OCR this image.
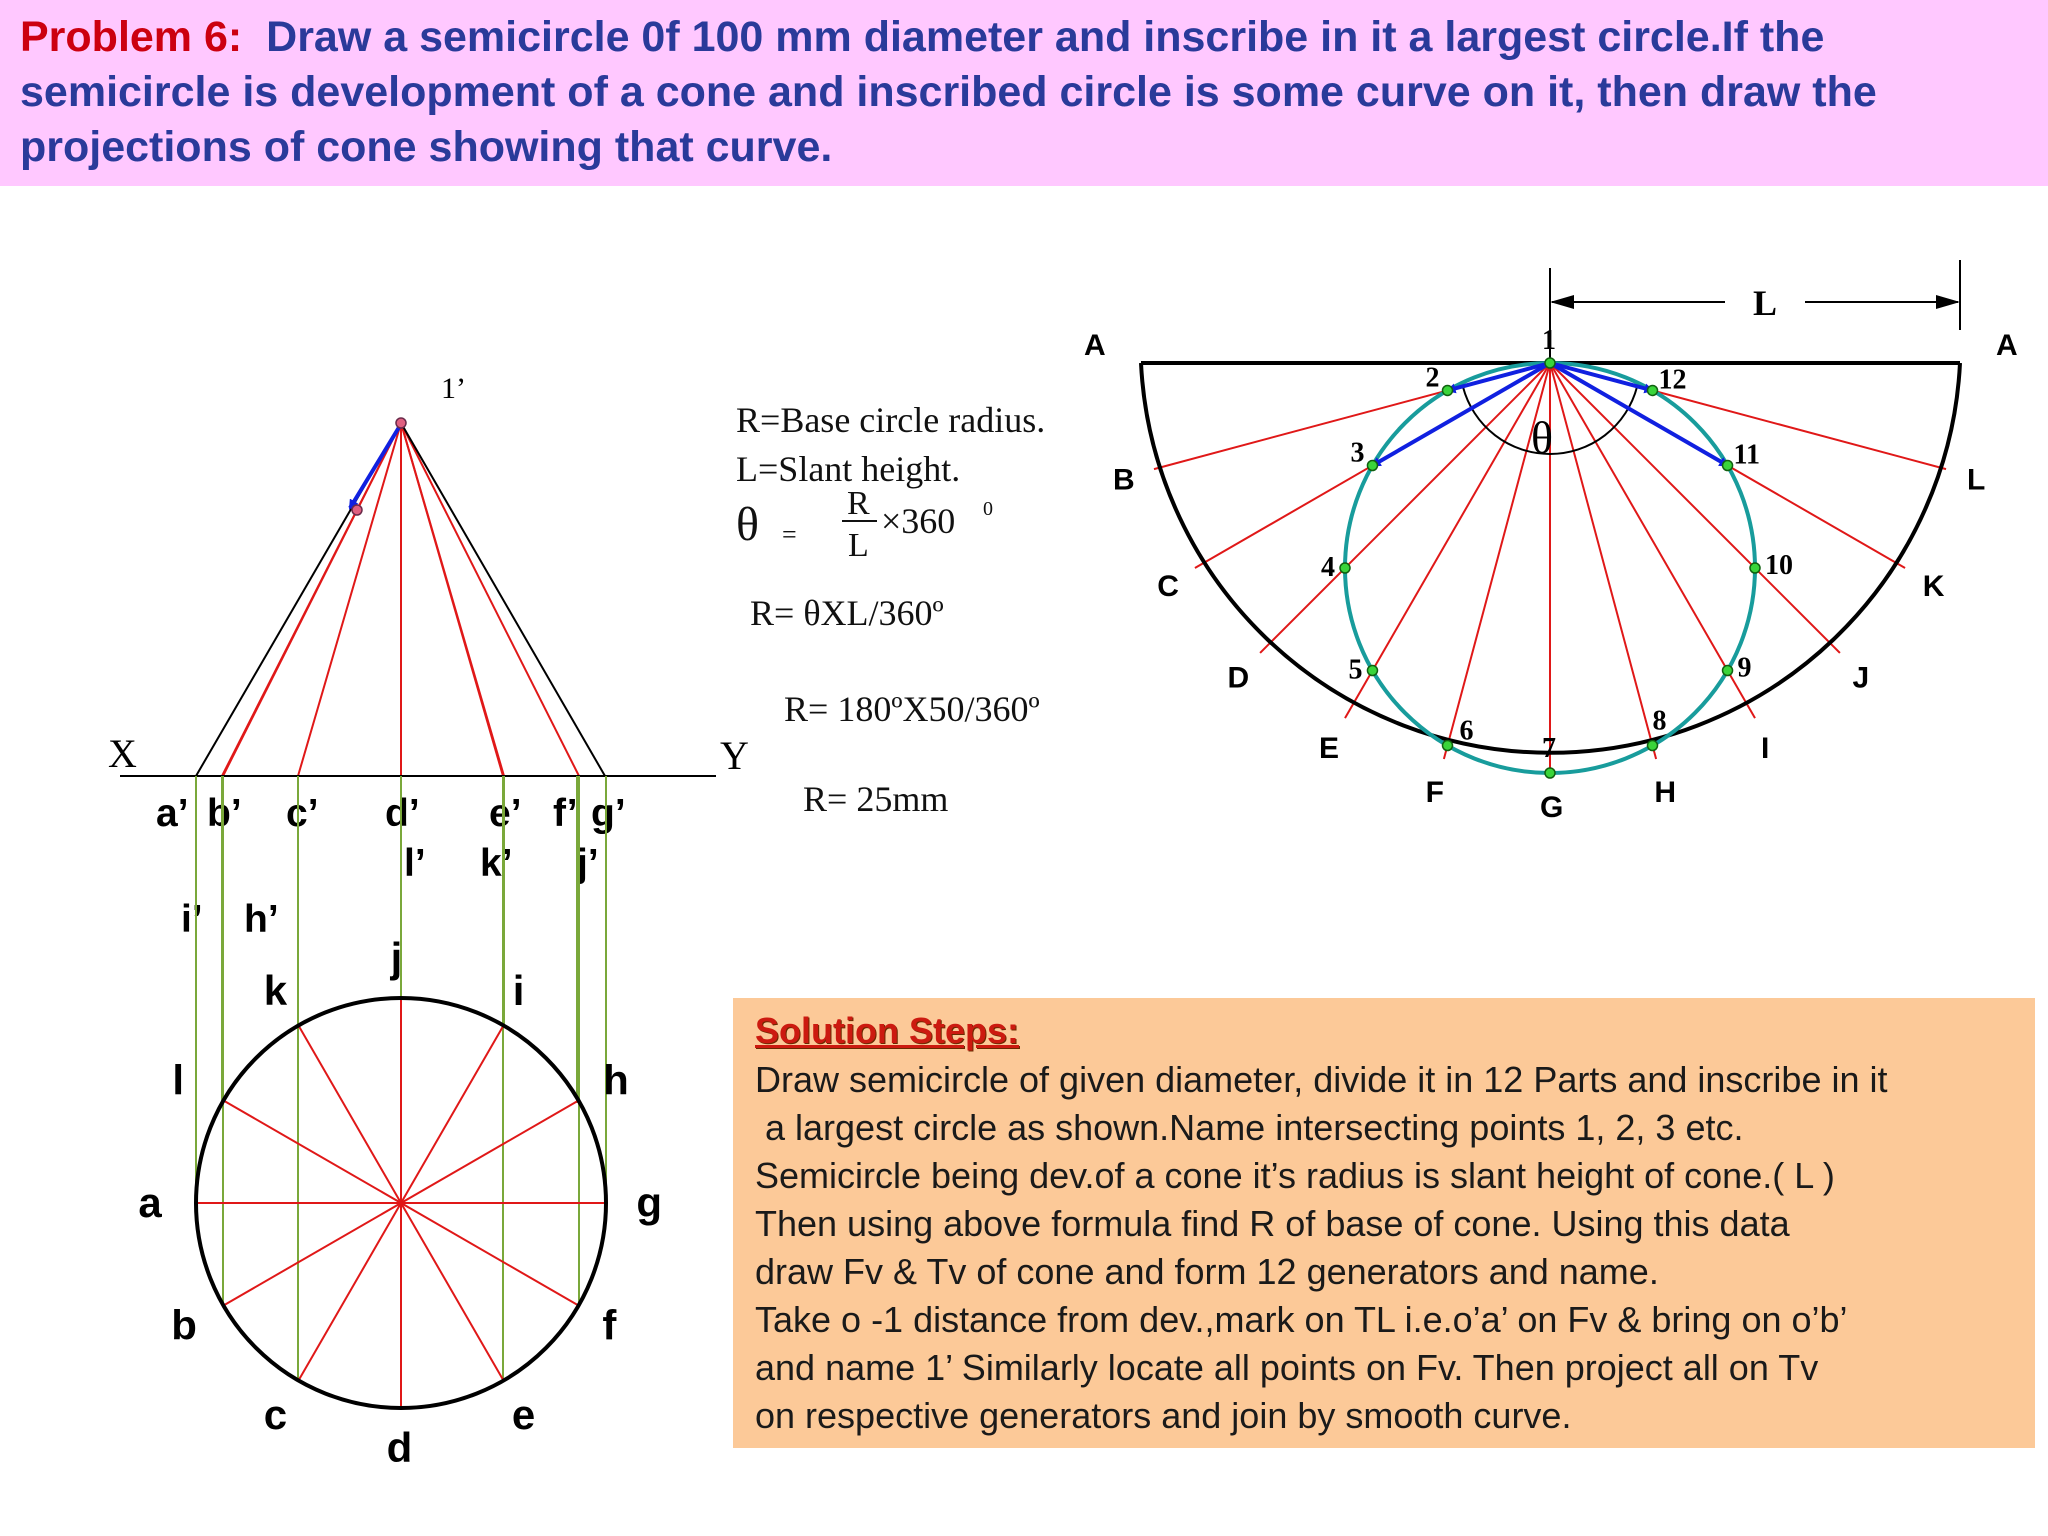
Problem 6: Draw a semicircle 0f 100 mm diameter and inscribe in it a largest circle.If the

semicircle is development of a cone and inscribed circle is some curve on it, then draw the

projections of cone showing that curve.

1’
X	Y
a’ b’ c’ d’ e’ f’ g’
l’ k’ j’
i’ h’
a
b
c
d
e
f
g
h
i
j
k
l
R=Base circle radius.
L=Slant height.
θ =
R
L
×360 0
R= θXL/360º
R= 180ºX50/360º
R= 25mm
θ
L
A
B
C
D
E
F	G	H
I
J
K
L
A
1
2
3
4
5
6
7
8
9
10
11
12

Solution Steps:

Draw semicircle of given diameter, divide it in 12 Parts and inscribe in it
a largest circle as shown.Name intersecting points 1, 2, 3 etc.
Semicircle being dev.of a cone it’s radius is slant height of cone.( L )
Then using above formula find R of base of cone. Using this data
draw Fv & Tv of cone and form 12 generators and name.
Take o -1 distance from dev.,mark on TL i.e.o’a’ on Fv & bring on o’b’
and name 1’ Similarly locate all points on Fv. Then project all on Tv
on respective generators and join by smooth curve.
